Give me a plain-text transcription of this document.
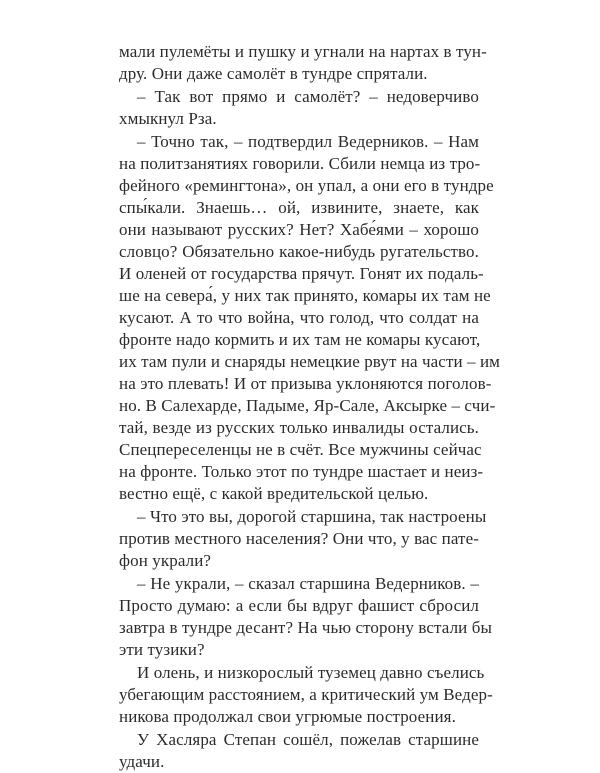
мали пулемёты и пушку и угнали на нартах в тун-
дру. Они даже самолёт в тундре спрятали.
– Так вот прямо и самолёт? – недоверчиво
хмыкнул Рза.
– Точно так, – подтвердил Ведерников. – Нам
на политзанятиях говорили. Сбили немца из тро-
фейного «ремингтона», он упал, а они его в тундре
спы́кали. Знаешь… ой, извините, знаете, как
они называют русских? Нет? Хабе́ями – хорошо
словцо? Обязательно какое-нибудь ругательство.
И оленей от государства прячут. Гонят их подаль-
ше на севера́, у них так принято, комары их там не
кусают. А то что война, что голод, что солдат на
фронте надо кормить и их там не комары кусают,
их там пули и снаряды немецкие рвут на части – им
на это плевать! И от призыва уклоняются поголов-
но. В Салехарде, Падыме, Яр-Сале, Аксырке – счи-
тай, везде из русских только инвалиды остались.
Спецпереселенцы не в счёт. Все мужчины сейчас
на фронте. Только этот по тундре шастает и неиз-
вестно ещё, с какой вредительской целью.
– Что это вы, дорогой старшина, так настроены
против местного населения? Они что, у вас пате-
фон украли?
– Не украли, – сказал старшина Ведерников. –
Просто думаю: а если бы вдруг фашист сбросил
завтра в тундре десант? На чью сторону встали бы
эти тузики?
И олень, и низкорослый туземец давно съелись
убегающим расстоянием, а критический ум Ведер-
никова продолжал свои угрюмые построения.
У Хасляра Степан сошёл, пожелав старшине
удачи.
